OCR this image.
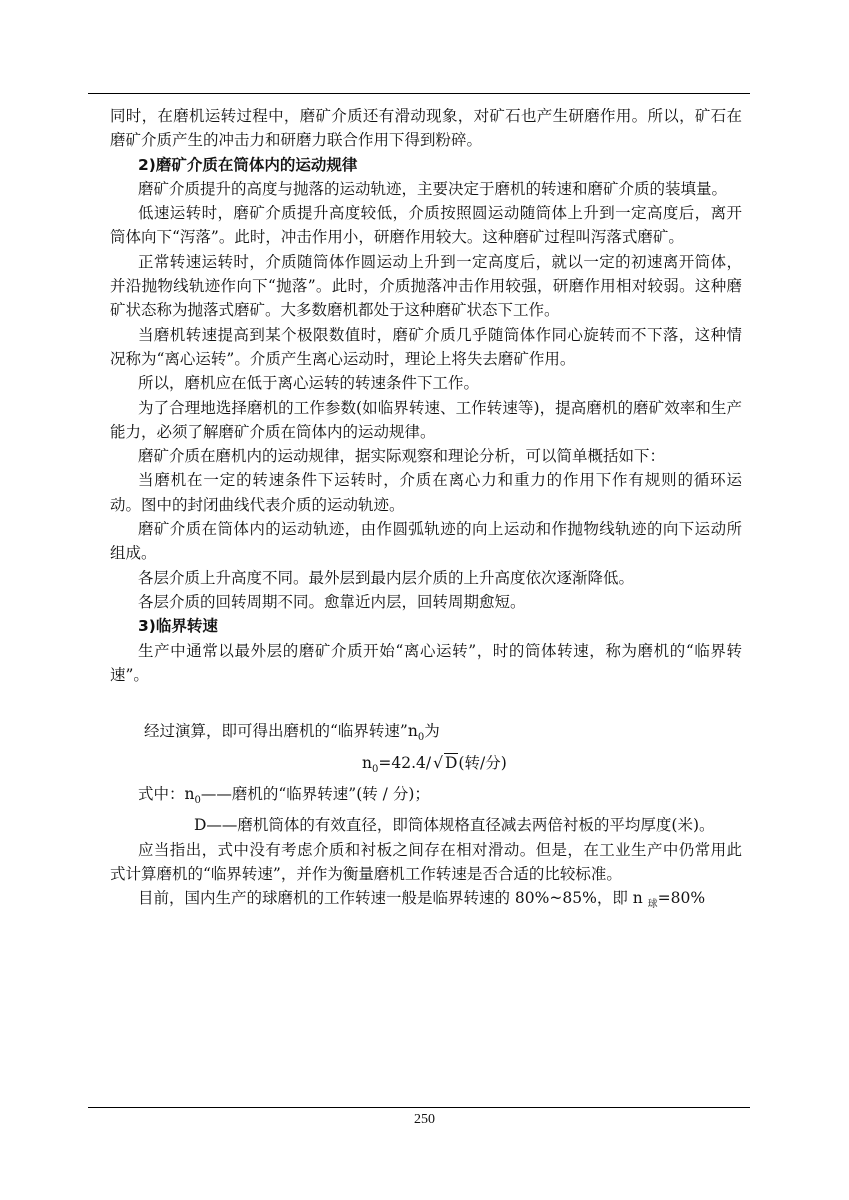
同时，在磨机运转过程中，磨矿介质还有滑动现象，对矿石也产生研磨作用。所以，矿石在磨矿介质产生的冲击力和研磨力联合作用下得到粉碎。

2)磨矿介质在筒体内的运动规律

磨矿介质提升的高度与抛落的运动轨迹，主要决定于磨机的转速和磨矿介质的装填量。

低速运转时，磨矿介质提升高度较低，介质按照圆运动随筒体上升到一定高度后，离开筒体向下“泻落”。此时，冲击作用小，研磨作用较大。这种磨矿过程叫泻落式磨矿。

正常转速运转时，介质随筒体作圆运动上升到一定高度后，就以一定的初速离开筒体，并沿抛物线轨迹作向下“抛落”。此时，介质抛落冲击作用较强，研磨作用相对较弱。这种磨矿状态称为抛落式磨矿。大多数磨机都处于这种磨矿状态下工作。

当磨机转速提高到某个极限数值时，磨矿介质几乎随筒体作同心旋转而不下落，这种情况称为“离心运转”。介质产生离心运动时，理论上将失去磨矿作用。

所以，磨机应在低于离心运转的转速条件下工作。

为了合理地选择磨机的工作参数(如临界转速、工作转速等)，提高磨机的磨矿效率和生产能力，必须了解磨矿介质在筒体内的运动规律。

磨矿介质在磨机内的运动规律，据实际观察和理论分析，可以简单概括如下：

当磨机在一定的转速条件下运转时，介质在离心力和重力的作用下作有规则的循环运动。图中的封闭曲线代表介质的运动轨迹。

磨矿介质在筒体内的运动轨迹，由作圆弧轨迹的向上运动和作抛物线轨迹的向下运动所组成。

各层介质上升高度不同。最外层到最内层介质的上升高度依次逐渐降低。

各层介质的回转周期不同。愈靠近内层，回转周期愈短。

3)临界转速

生产中通常以最外层的磨矿介质开始“离心运转”，时的筒体转速，称为磨机的“临界转速”。

经过演算，即可得出磨机的“临界转速$”n_0$为

$n_0=42.4/$ √ D(转/分)

式中：$n_0——$磨机的“临界转速”(转 / 分)；

D——磨机筒体的有效直径，即筒体规格直径减去两倍衬板的平均厚度(米)。

应当指出，式中没有考虑介质和衬板之间存在相对滑动。但是，在工业生产中仍常用此式计算磨机的“临界转速”，并作为衡量磨机工作转速是否合适的比较标准。

目前，国内生产的球磨机的工作转速一般是临界转速的 80%~85%，即 n $_球$=80%

250
